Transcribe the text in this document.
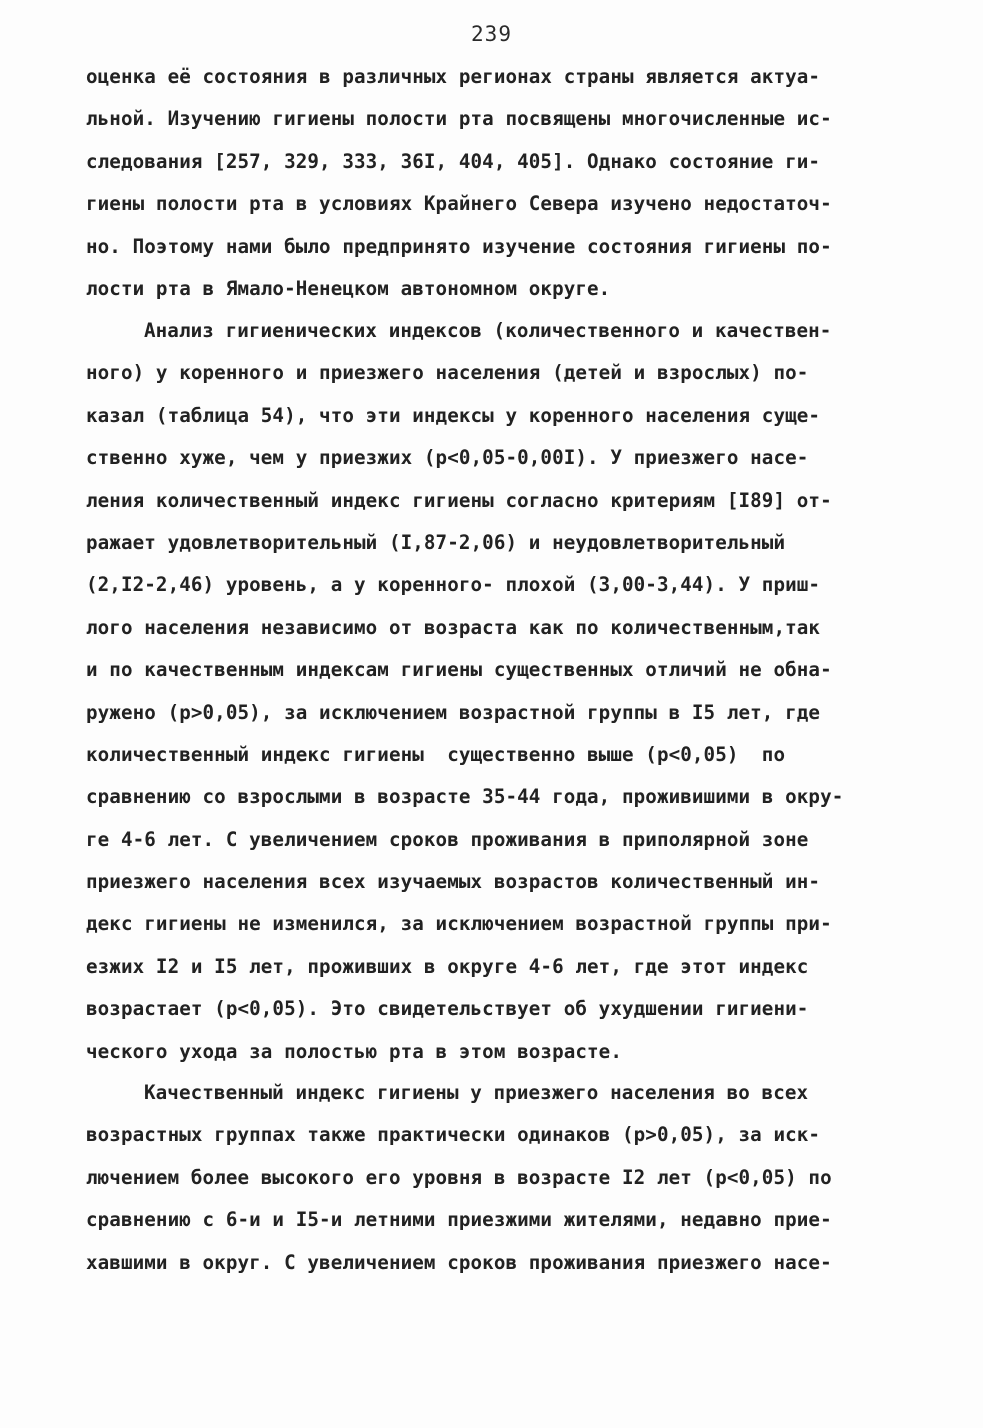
239
оценка её состояния в различных регионах страны является актуа-
льной. Изучению гигиены полости рта посвящены многочисленные ис-
следования [257, 329, 333, 36I, 404, 405]. Однако состояние ги-
гиены полости рта в условиях Крайнего Севера изучено недостаточ-
но. Поэтому нами было предпринято изучение состояния гигиены по-
лости рта в Ямало-Ненецком автономном округе.
Анализ гигиенических индексов (количественного и качествен-
ного) у коренного и приезжего населения (детей и взрослых) по-
казал (таблица 54), что эти индексы у коренного населения суще-
ственно хуже, чем у приезжих (p<0,05-0,00I). У приезжего насе-
ления количественный индекс гигиены согласно критериям [I89] от-
ражает удовлетворительный (I,87-2,06) и неудовлетворительный
(2,I2-2,46) уровень, а у коренного- плохой (3,00-3,44). У приш-
лого населения независимо от возраста как по количественным,так
и по качественным индексам гигиены существенных отличий не обна-
ружено (p>0,05), за исключением возрастной группы в I5 лет, где
количественный индекс гигиены  существенно выше (p<0,05)  по
сравнению со взрослыми в возрасте 35-44 года, проживишими в окру-
ге 4-6 лет. С увеличением сроков проживания в приполярной зоне
приезжего населения всех изучаемых возрастов количественный ин-
декс гигиены не изменился, за исключением возрастной группы при-
езжих I2 и I5 лет, проживших в округе 4-6 лет, где этот индекс
возрастает (p<0,05). Это свидетельствует об ухудшении гигиени-
ческого ухода за полостью рта в этом возрасте.
Качественный индекс гигиены у приезжего населения во всех
возрастных группах также практически одинаков (p>0,05), за иск-
лючением более высокого его уровня в возрасте I2 лет (p<0,05) по
сравнению с 6-и и I5-и летними приезжими жителями, недавно прие-
хавшими в округ. С увеличением сроков проживания приезжего насе-
